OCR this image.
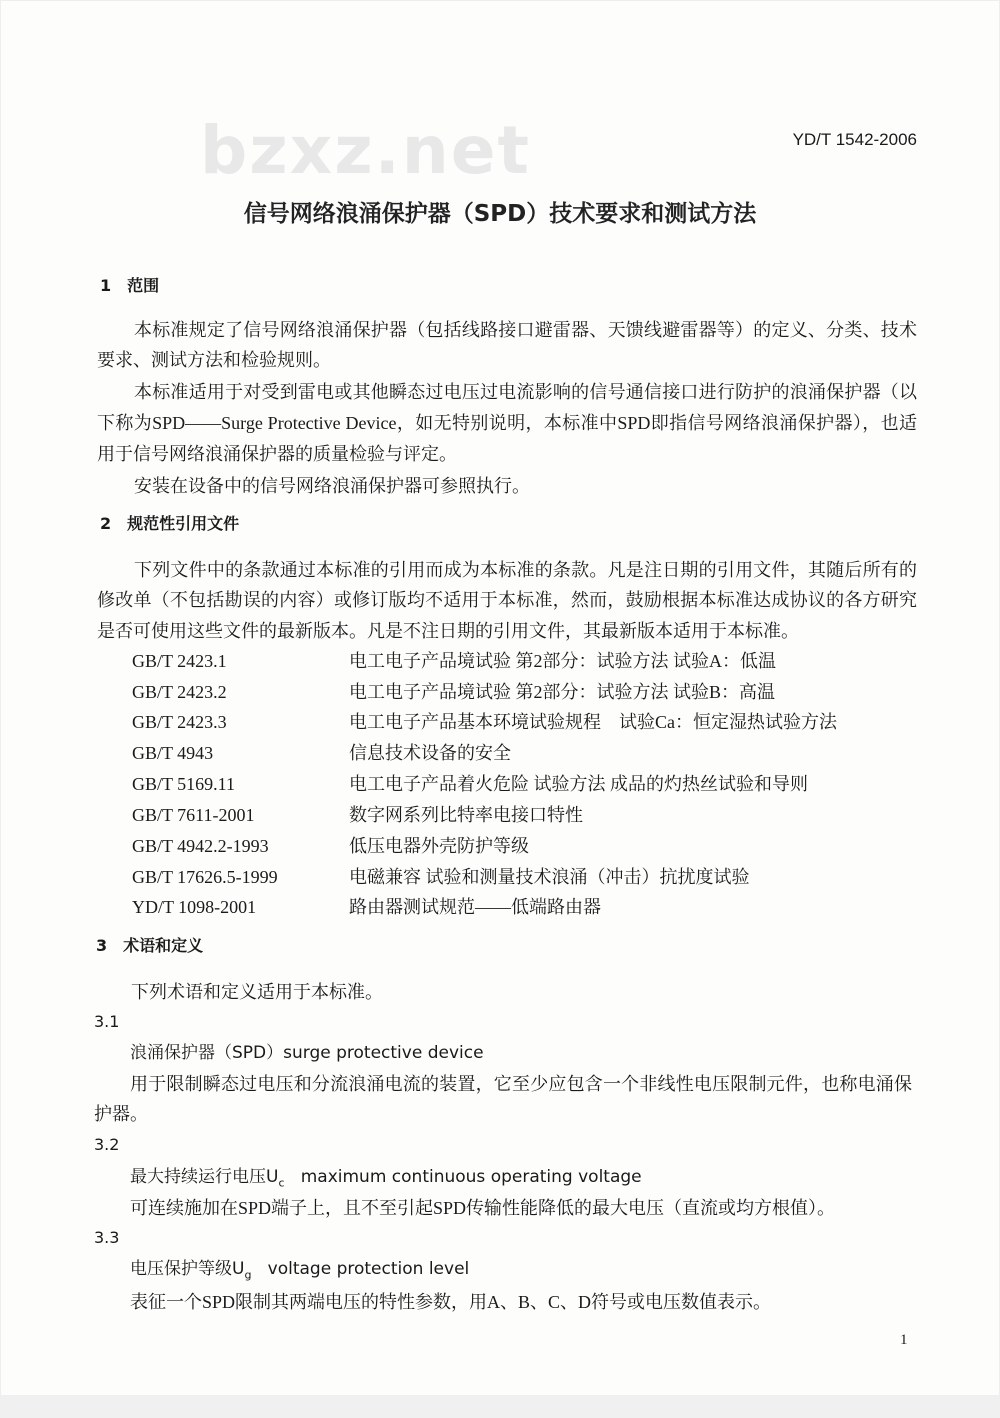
YD/T 1542-2006
bzxz.net
信号网络浪涌保护器（SPD）技术要求和测试方法
1　范围
本标准规定了信号网络浪涌保护器（包括线路接口避雷器、天馈线避雷器等）的定义、分类、技术
要求、测试方法和检验规则。
本标准适用于对受到雷电或其他瞬态过电压过电流影响的信号通信接口进行防护的浪涌保护器（以
下称为SPD——Surge Protective Device，如无特别说明，本标准中SPD即指信号网络浪涌保护器），也适
用于信号网络浪涌保护器的质量检验与评定。
安装在设备中的信号网络浪涌保护器可参照执行。
2　规范性引用文件
下列文件中的条款通过本标准的引用而成为本标准的条款。凡是注日期的引用文件，其随后所有的
修改单（不包括勘误的内容）或修订版均不适用于本标准，然而，鼓励根据本标准达成协议的各方研究
是否可使用这些文件的最新版本。凡是不注日期的引用文件，其最新版本适用于本标准。
GB/T 2423.1	电工电子产品境试验 第2部分：试验方法 试验A：低温
GB/T 2423.2	电工电子产品境试验 第2部分：试验方法 试验B：高温
GB/T 2423.3	电工电子产品基本环境试验规程　试验Ca：恒定湿热试验方法
GB/T 4943	信息技术设备的安全
GB/T 5169.11	电工电子产品着火危险 试验方法 成品的灼热丝试验和导则
GB/T 7611-2001	数字网系列比特率电接口特性
GB/T 4942.2-1993	低压电器外壳防护等级
GB/T 17626.5-1999	电磁兼容 试验和测量技术浪涌（冲击）抗扰度试验
YD/T 1098-2001	路由器测试规范——低端路由器
3　术语和定义
下列术语和定义适用于本标准。
3.1
浪涌保护器（SPD）surge protective device
用于限制瞬态过电压和分流浪涌电流的装置，它至少应包含一个非线性电压限制元件，也称电涌保
护器。
3.2
最大持续运行电压$U_c$ maximum continuous operating voltage
可连续施加在SPD端子上，且不至引起SPD传输性能降低的最大电压（直流或均方根值）。
3.3
电压保护等级$U_g$ voltage protection level
表征一个SPD限制其两端电压的特性参数，用A、B、C、D符号或电压数值表示。
1
